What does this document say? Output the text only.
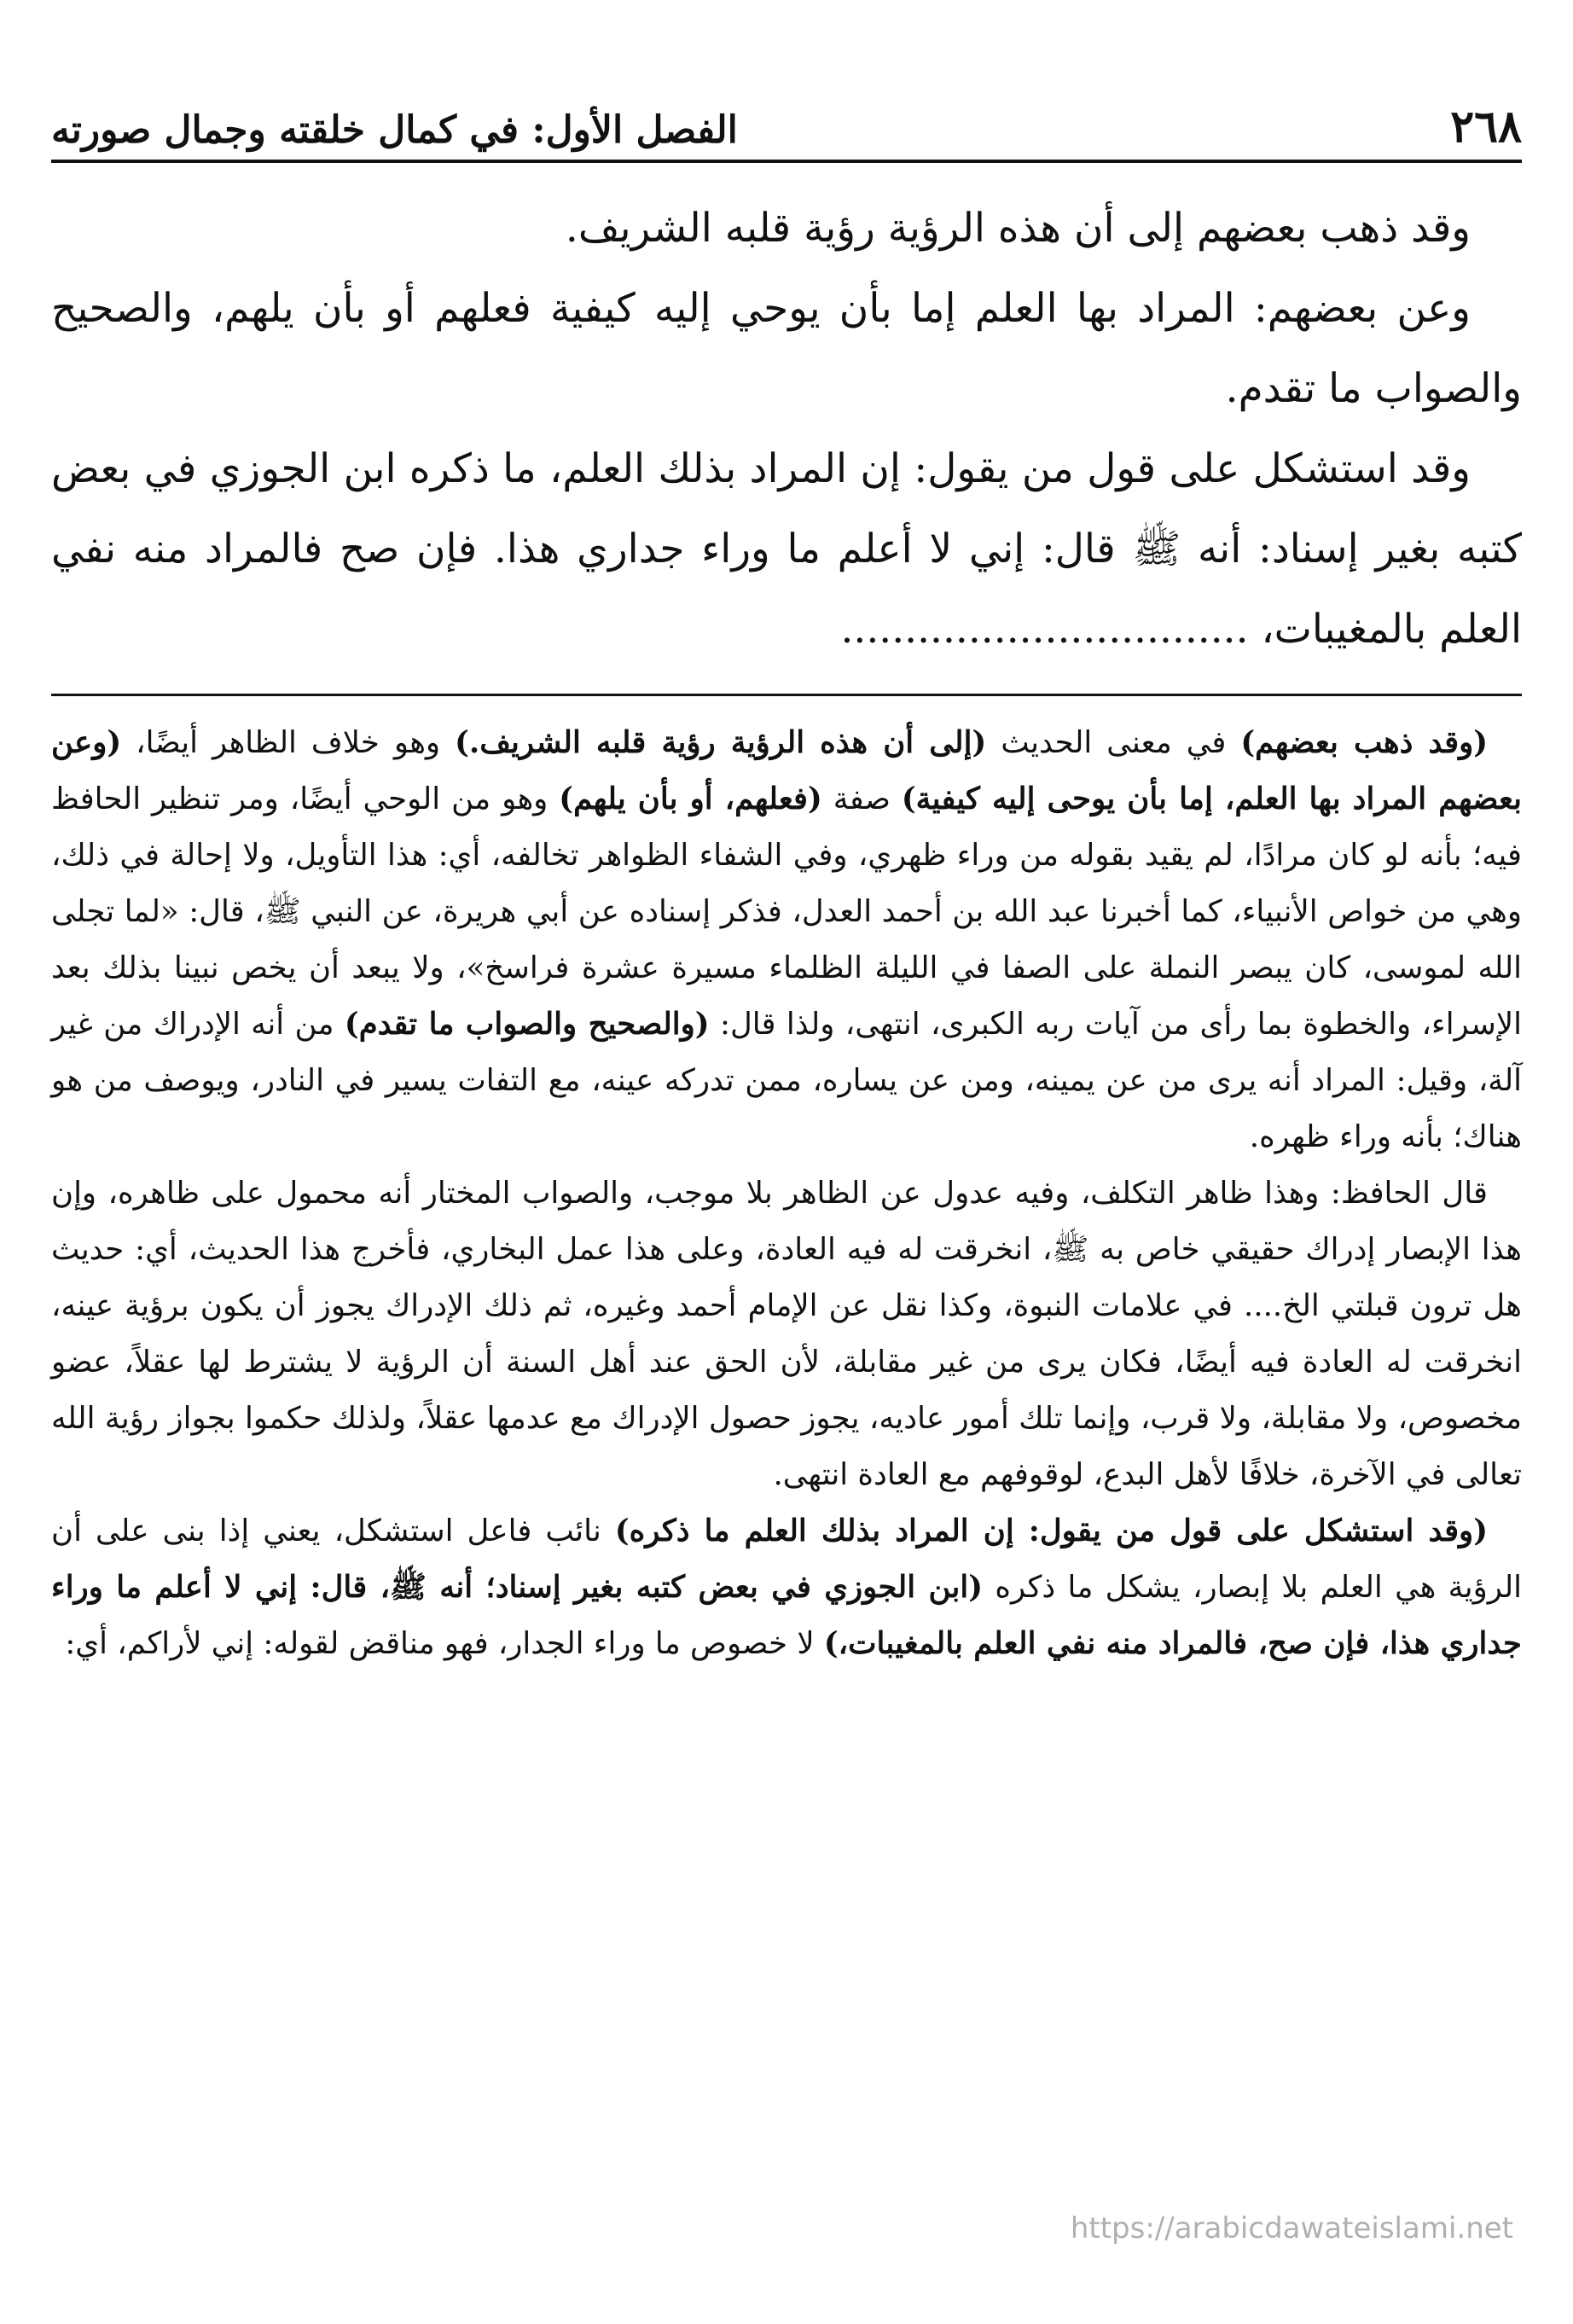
٢٦٨
الفصل الأول: في كمال خلقته وجمال صورته

وقد ذهب بعضهم إلى أن هذه الرؤية رؤية قلبه الشريف.

وعن بعضهم: المراد بها العلم إما بأن يوحي إليه كيفية فعلهم أو بأن يلهم، والصحيح والصواب ما تقدم.

وقد استشكل على قول من يقول: إن المراد بذلك العلم، ما ذكره ابن الجوزي في بعض كتبه بغير إسناد: أنه ﷺ قال: إني لا أعلم ما وراء جداري هذا. فإن صح فالمراد منه نفي العلم بالمغيبات، ................................

(وقد ذهب بعضهم) في معنى الحديث (إلى أن هذه الرؤية رؤية قلبه الشريف.) وهو خلاف الظاهر أيضًا، (وعن بعضهم المراد بها العلم، إما بأن يوحى إليه كيفية) صفة (فعلهم، أو بأن يلهم) وهو من الوحي أيضًا، ومر تنظير الحافظ فيه؛ بأنه لو كان مرادًا، لم يقيد بقوله من وراء ظهري، وفي الشفاء الظواهر تخالفه، أي: هذا التأويل، ولا إحالة في ذلك، وهي من خواص الأنبياء، كما أخبرنا عبد الله بن أحمد العدل، فذكر إسناده عن أبي هريرة، عن النبي ﷺ، قال: «لما تجلى الله لموسى، كان يبصر النملة على الصفا في الليلة الظلماء مسيرة عشرة فراسخ»، ولا يبعد أن يخص نبينا بذلك بعد الإسراء، والخطوة بما رأى من آيات ربه الكبرى، انتهى، ولذا قال: (والصحيح والصواب ما تقدم) من أنه الإدراك من غير آلة، وقيل: المراد أنه يرى من عن يمينه، ومن عن يساره، ممن تدركه عينه، مع التفات يسير في النادر، ويوصف من هو هناك؛ بأنه وراء ظهره.

قال الحافظ: وهذا ظاهر التكلف، وفيه عدول عن الظاهر بلا موجب، والصواب المختار أنه محمول على ظاهره، وإن هذا الإبصار إدراك حقيقي خاص به ﷺ، انخرقت له فيه العادة، وعلى هذا عمل البخاري، فأخرج هذا الحديث، أي: حديث هل ترون قبلتي الخ.... في علامات النبوة، وكذا نقل عن الإمام أحمد وغيره، ثم ذلك الإدراك يجوز أن يكون برؤية عينه، انخرقت له العادة فيه أيضًا، فكان يرى من غير مقابلة، لأن الحق عند أهل السنة أن الرؤية لا يشترط لها عقلاً، عضو مخصوص، ولا مقابلة، ولا قرب، وإنما تلك أمور عاديه، يجوز حصول الإدراك مع عدمها عقلاً، ولذلك حكموا بجواز رؤية الله تعالى في الآخرة، خلافًا لأهل البدع، لوقوفهم مع العادة انتهى.

(وقد استشكل على قول من يقول: إن المراد بذلك العلم ما ذكره) نائب فاعل استشكل، يعني إذا بنى على أن الرؤية هي العلم بلا إبصار، يشكل ما ذكره (ابن الجوزي في بعض كتبه بغير إسناد؛ أنه ﷺ، قال: إني لا أعلم ما وراء جداري هذا، فإن صح، فالمراد منه نفي العلم بالمغيبات،) لا خصوص ما وراء الجدار، فهو مناقض لقوله: إني لأراكم، أي:

https://arabicdawateislami.net
